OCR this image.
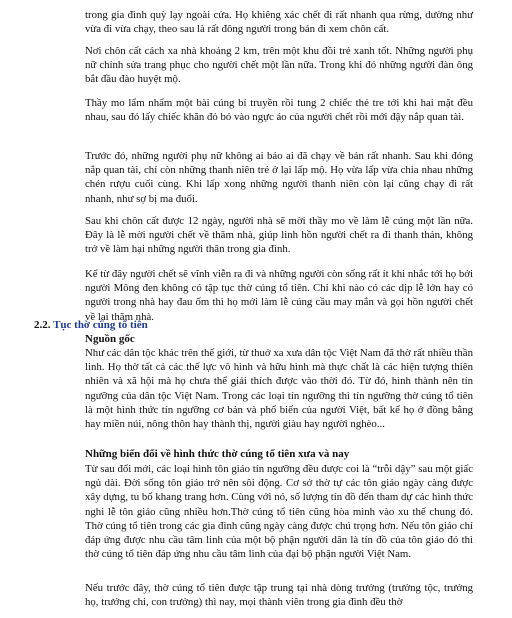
trong gia đình quỳ lạy ngoài cửa. Họ khiêng xác chết đi rất nhanh qua rừng, dường như vừa đi vừa chạy, theo sau là rất đông người trong bản đi xem chôn cất.

Nơi chôn cất cách xa nhà khoảng 2 km, trên một khu đồi trẻ xanh tốt. Những người phụ nữ chỉnh sửa trang phục cho người chết một lần nữa. Trong khi đó những người đàn ông bắt đầu đào huyệt mộ.

Thầy mo lẩm nhẩm một bài cúng bí truyền rồi tung 2 chiếc thẻ tre tới khi hai mặt đều nhau, sau đó lấy chiếc khăn đỏ bỏ vào ngực áo của người chết rồi mới đậy nắp quan tài.

Trước đó, những người phụ nữ không ai bảo ai đã chạy về bản rất nhanh. Sau khi đóng nắp quan tài, chỉ còn những thanh niên trẻ ở lại lấp mộ. Họ vừa lấp vừa chia nhau những chén rượu cuối cùng. Khi lấp xong những người thanh niên còn lại cũng chạy đi rất nhanh, như sợ bị ma đuổi.

Sau khi chôn cất được 12 ngày, người nhà sẽ mời thầy mo về làm lễ cúng một lần nữa. Đây là lễ mời người chết về thăm nhà, giúp linh hồn người chết ra đi thanh thản, không trở về làm hại những người thân trong gia đình.

Kể từ đây người chết sẽ vĩnh viễn ra đi và những người còn sống rất ít khi nhắc tới họ bởi người Mông đen không có tập tục thờ cúng tổ tiên. Chỉ khi nào có các dịp lễ lớn hay có người trong nhà hay đau ốm thì họ mới làm lễ cúng cầu may mắn và gọi hồn người chết về lại thăm nhà.

2.2. Tục thờ cúng tổ tiên
Nguồn gốc

Như các dân tộc khác trên thế giới, từ thuở xa xưa dân tộc Việt Nam đã thờ rất nhiều thần linh. Họ thờ tất cả các thế lực vô hình và hữu hình mà thực chất là các hiện tượng thiên nhiên và xã hội mà họ chưa thể giải thích được vào thời đó. Từ đó, hình thành nên tín ngưỡng của dân tộc Việt Nam. Trong các loại tín ngưỡng thì tín ngưỡng thờ cúng tổ tiên là một hình thức tín ngưỡng cơ bản và phổ biến của người Việt, bất kể họ ở đồng bằng hay miền núi, nông thôn hay thành thị, người giàu hay người nghèo...

Những biến đổi về hình thức thờ cúng tổ tiên xưa và nay

Từ sau đổi mới, các loại hình tôn giáo tín ngưỡng đều được coi là “trỗi dậy” sau một giấc ngủ dài. Đời sống tôn giáo trở nên sôi động. Cơ sở thờ tự các tôn giáo ngày càng được xây dựng, tu bổ khang trang hơn. Cùng với nó, số lượng tín đồ đến tham dự các hình thức nghi lễ tôn giáo cũng nhiều hơn.Thờ cúng tổ tiên cũng hòa mình vào xu thế chung đó. Thờ cúng tổ tiên trong các gia đình cũng ngày càng được chú trọng hơn. Nếu tôn giáo chỉ đáp ứng được nhu cầu tâm linh của một bộ phận người dân là tín đồ của tôn giáo đó thì thờ cúng tổ tiên đáp ứng nhu cầu tâm linh của đại bộ phận người Việt Nam.

Nếu trước đây, thờ cúng tổ tiên được tập trung tại nhà dòng trưởng (trưởng tộc, trưởng họ, trưởng chi, con trưởng) thì nay, mọi thành viên trong gia đình đều thờ
